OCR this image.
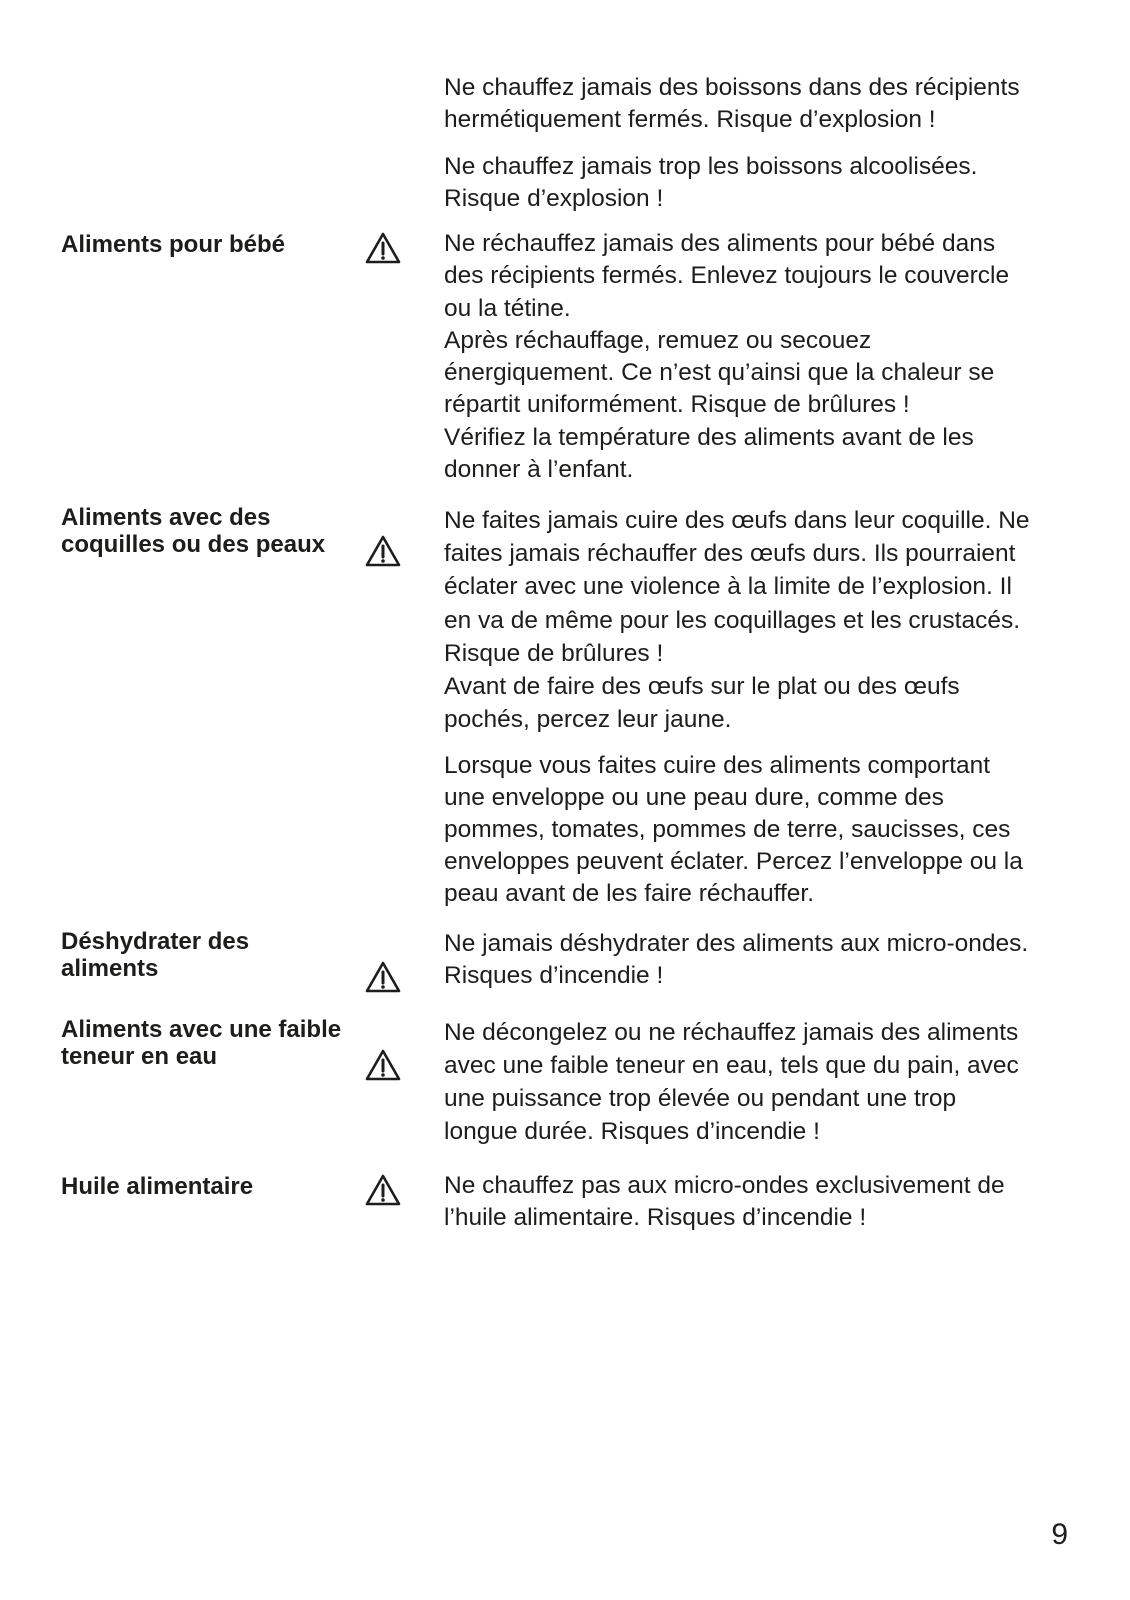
Ne chauffez jamais des boissons dans des récipients
hermétiquement fermés. Risque d’explosion !

Ne chauffez jamais trop les boissons alcoolisées.
Risque d’explosion !

Aliments pour bébé	Ne réchauffez jamais des aliments pour bébé dans
des récipients fermés. Enlevez toujours le couvercle
ou la tétine.
Après réchauffage, remuez ou secouez
énergiquement. Ce n’est qu’ainsi que la chaleur se
répartit uniformément. Risque de brûlures !
Vérifiez la température des aliments avant de les
donner à l’enfant.

Aliments avec des
coquilles ou des peaux

Ne faites jamais cuire des œufs dans leur coquille. Ne
faites jamais réchauffer des œufs durs. Ils pourraient
éclater avec une violence à la limite de l’explosion. Il
en va de même pour les coquillages et les crustacés.
Risque de brûlures !
Avant de faire des œufs sur le plat ou des œufs
pochés, percez leur jaune.

Lorsque vous faites cuire des aliments comportant
une enveloppe ou une peau dure, comme des
pommes, tomates, pommes de terre, saucisses, ces
enveloppes peuvent éclater. Percez l’enveloppe ou la
peau avant de les faire réchauffer.

Déshydrater des
aliments

Ne jamais déshydrater des aliments aux micro-ondes.
Risques d’incendie !

Aliments avec une faible
teneur en eau

Ne décongelez ou ne réchauffez jamais des aliments
avec une faible teneur en eau, tels que du pain, avec
une puissance trop élevée ou pendant une trop
longue durée. Risques d’incendie !

Huile alimentaire	Ne chauffez pas aux micro-ondes exclusivement de
l’huile alimentaire. Risques d’incendie !

9
